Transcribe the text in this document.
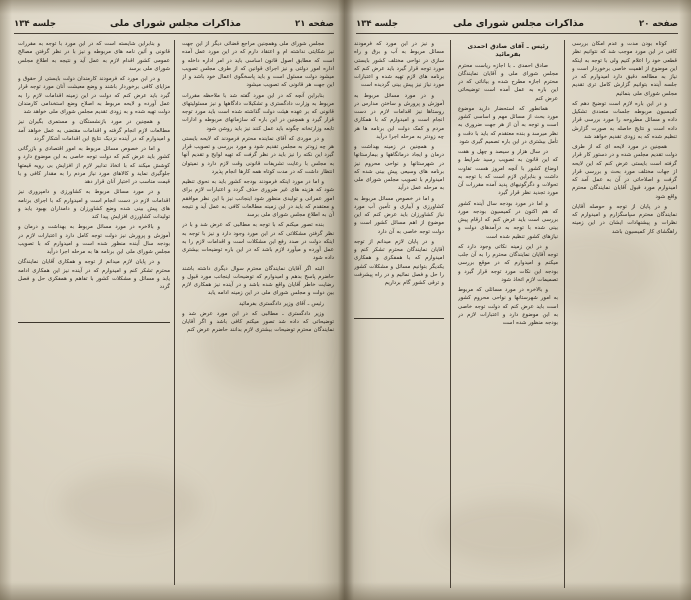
صفحه ۲۱
مذاکرات مجلس شورای ملی
جلسه ۱۳۴	صفحه ۲۰
مذاکرات مجلس شورای ملی
جلسه ۱۳۴

مجلس شورای ملی وهمچنین مراجع قضائی دیگر از این جهت نیز شکایتی نداشته ام و اعتقاد دارم که در این مورد عمل آمده است که مطابق اصول قانون اساسی باید در امر اداره داخله و اداره امور دولتی و نیز اجرای قوانین که از طرف مجلس تصویب میشود دولت مسئول است و باید پاسخگوی اعمال خود باشد و از این جهت هر قانونی که تصویب میشود

بنابراین آنچه که در این مورد گفته شد با ملاحظه مقررات مربوط به وزارت دادگستری و تشکیلات دادگاهها و نیز مسئولیتهای قانونی که بر عهده هیئت دولت گذاشته شده است باید مورد توجه قرار گیرد و همچنین در این باره که سازمانهای مربوطه و ادارات تابعه وزارتخانه چگونه باید عمل کنند نیز باید روشن شود

و در موردی که آقای نماینده محترم فرمودند که لایحه بایستی هر چه زودتر به مجلس تقدیم شود و مورد بررسی و تصویب قرار گیرد این نکته را نیز باید در نظر گرفت که تهیه لوایح و تقدیم آنها به مجلس با رعایت تشریفات قانونی وقت لازم دارد و نمیتوان انتظار داشت که در مدت کوتاه همه کارها انجام پذیرد

و اما در مورد اینکه فرمودند بودجه کشور باید به نحوی تنظیم شود که هزینه های غیر ضروری حذف گردد و اعتبارات لازم برای امور عمرانی و تولیدی منظور شود اینجانب نیز با این نظر موافقم و معتقدم که باید در این زمینه مطالعات کافی به عمل آید و نتیجه آن به اطلاع مجلس شورای ملی برسد

بنده تصور میکنم که با توجه به مطالبی که عرض شد و با در نظر گرفتن مشکلاتی که در این مورد وجود دارد و نیز با توجه به اینکه دولت در صدد رفع این مشکلات است و اقدامات لازم را به عمل آورده و میآورد لازم باشد که در این باره توضیحات بیشتری داده شود

البته اگر آقایان نمایندگان محترم سوال دیگری داشته باشند حاضرم پاسخ بدهم و امیدوارم که توضیحات اینجانب مورد قبول و رضایت خاطر آقایان واقع شده باشد و در آینده نیز همکاری لازم بین دولت و مجلس شورای ملی در این زمینه ادامه یابد

رئیس ـ آقای وزیر دادگستری بفرمائید

وزیر دادگستری ـ مطالبی که در این مورد عرض شد و توضیحاتی که داده شد تصور میکنم کافی باشد و اگر آقایان نمایندگان محترم توضیحات بیشتری لازم بدانند حاضرم عرض کنم

و بنابراین شایسته است که در این مورد با توجه به مقررات قانونی و آئین نامه های مربوطه و نیز با در نظر گرفتن مصالح عمومی کشور اقدام لازم به عمل آید و نتیجه به اطلاع مجلس شورای ملی برسد

و در این مورد که فرمودند کارمندان دولت بایستی از حقوق و مزایای کافی برخوردار باشند و وضع معیشت آنان مورد توجه قرار گیرد باید عرض کنم که دولت در این زمینه اقدامات لازم را به عمل آورده و لایحه مربوط به اصلاح وضع استخدامی کارمندان دولت تهیه شده و به زودی تقدیم مجلس شورای ملی خواهد شد

و همچنین در مورد بازنشستگان و مستمری بگیران نیز مطالعات لازم انجام گرفته و اقدامات مقتضی به عمل خواهد آمد و امیدوارم که در آینده نزدیک نتایج این اقدامات آشکار گردد

و اما در خصوص مسائل مربوط به امور اقتصادی و بازرگانی کشور باید عرض کنم که دولت توجه خاصی به این موضوع دارد و کوشش میکند که با اتخاذ تدابیر لازم از افزایش بی رویه قیمتها جلوگیری نماید و کالاهای مورد نیاز مردم را به مقدار کافی و با قیمت مناسب در اختیار آنان قرار دهد

و در مورد مسائل مربوط به کشاورزی و دامپروری نیز اقدامات لازم در دست انجام است و امیدوارم که با اجرای برنامه های پیش بینی شده وضع کشاورزان و دامداران بهبود یابد و تولیدات کشاورزی افزایش پیدا کند

و بالاخره در مورد مسائل مربوط به بهداشت و درمان و آموزش و پرورش نیز دولت توجه کامل دارد و اعتبارات لازم در بودجه سال آینده منظور شده است و امیدوارم که با تصویب مجلس شورای ملی این برنامه ها به مرحله اجرا درآید

و در پایان لازم میدانم از توجه و همکاری آقایان نمایندگان محترم تشکر کنم و امیدوارم که در آینده نیز این همکاری ادامه یابد و مسائل و مشکلات کشور با تفاهم و همفکری حل و فصل گردد

کوتاه بودن مدت و عدم امکان بررسی کافی در این مورد موجب شد که نتوانیم نظر قطعی خود را اعلام کنیم ولی با توجه به اینکه این موضوع از اهمیت خاصی برخوردار است و نیاز به مطالعه دقیق دارد امیدوارم که در جلسه آینده بتوانیم گزارش کامل تری تقدیم مجلس شورای ملی بنمائیم

و در این باره لازم است توضیح دهم که کمیسیون مربوطه جلسات متعددی تشکیل داده و مسائل مطروحه را مورد بررسی قرار داده است و نتایج حاصله به صورت گزارش تنظیم شده که به زودی تقدیم خواهد شد

همچنین در مورد لایحه ای که از طرف دولت تقدیم مجلس شده و در دستور کار قرار گرفته است بایستی عرض کنم که این لایحه از جهات مختلف مورد بحث و بررسی قرار گرفت و اصلاحاتی در آن به عمل آمد که امیدوارم مورد قبول آقایان نمایندگان محترم واقع شود

و در پایان از توجه و حوصله آقایان نمایندگان محترم سپاسگزارم و امیدوارم که نظرات و پیشنهادات ایشان در این زمینه راهگشای کار کمیسیون باشد

رئیس ـ آقای صادق احمدی بفرمائید

صادق احمدی ـ با اجازه ریاست محترم مجلس شورای ملی و آقایان نمایندگان محترم اجازه مطرح شده و بیاناتی که در این باره به عمل آمده است توضیحاتی عرض کنم

همانطور که استحضار دارید موضوع مورد بحث از مسائل مهم و اساسی کشور است و توجه به آن از هر جهت ضروری به نظر میرسد و بنده معتقدم که باید با دقت و تأمل بیشتری در این باره تصمیم گیری شود

در سال هزار و سیصد و چهل و هفت که این قانون به تصویب رسید شرایط و اوضاع کشور با آنچه امروز هست تفاوت داشت و بنابراین لازم است که با توجه به تحولات و دگرگونیهای پدید آمده مقررات آن مورد تجدید نظر قرار گیرد

و اما در مورد بودجه سال آینده کشور که هم اکنون در کمیسیون بودجه مورد بررسی است باید عرض کنم که ارقام پیش بینی شده با توجه به درآمدهای دولت و نیازهای کشور تنظیم شده است

و در این زمینه نکاتی وجود دارد که توجه آقایان نمایندگان محترم را به آن جلب میکنم و امیدوارم که در موقع بررسی بودجه این نکات مورد توجه قرار گیرد و تصمیمات لازم اتخاذ شود

و بالاخره در مورد مسائلی که مربوط به امور شهرستانها و نواحی محروم کشور است باید عرض کنم که دولت توجه خاصی به این موضوع دارد و اعتبارات لازم در بودجه منظور شده است

و نیز در این مورد که فرمودند مسائل مربوط به آب و برق و راه سازی در نواحی مختلف کشور بایستی مورد توجه قرار گیرد باید عرض کنم که برنامه های لازم تهیه شده و اعتبارات مورد نیاز نیز پیش بینی گردیده است

و در مورد مسائل مربوط به آموزش و پرورش و ساختن مدارس در روستاها نیز اقدامات لازم در دست انجام است و امیدوارم که با همکاری مردم و کمک دولت این برنامه ها هر چه زودتر به مرحله اجرا درآید

و همچنین در زمینه بهداشت و درمان و ایجاد درمانگاهها و بیمارستانها در شهرستانها و نواحی محروم نیز برنامه های وسیعی پیش بینی شده که امیدوارم با تصویب مجلس شورای ملی به مرحله عمل درآید

و اما در خصوص مسائل مربوط به کشاورزی و آبیاری و تأمین آب مورد نیاز کشاورزان باید عرض کنم که این موضوع از اهم مسائل کشور است و دولت توجه خاصی به آن دارد

و در پایان لازم میدانم از توجه آقایان نمایندگان محترم تشکر کنم و امیدوارم که با همفکری و همکاری یکدیگر بتوانیم مسائل و مشکلات کشور را حل و فصل نمائیم و در راه پیشرفت و ترقی کشور گام برداریم
